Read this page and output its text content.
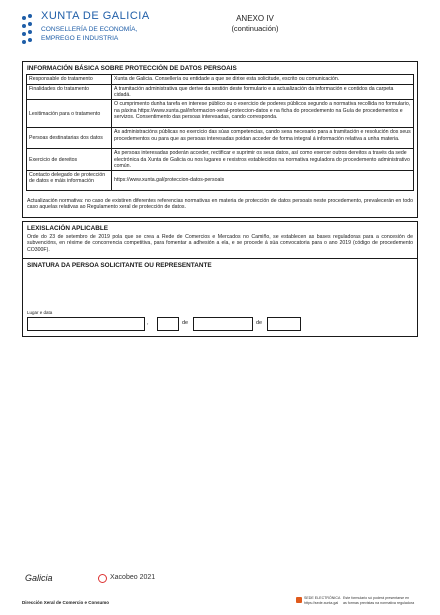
XUNTA DE GALICIA
CONSELLERÍA DE ECONOMÍA,
EMPREGO E INDUSTRIA
ANEXO IV
(continuación)
INFORMACIÓN BÁSICA SOBRE PROTECCIÓN DE DATOS PERSOAIS
Responsable do tratamento	Xunta de Galicia. Consellería ou entidade a que se dirixe esta solicitude, escrito ou comunicación.
Finalidades do tratamento	A tramitación administrativa que derive da xestión deste formulario e a actualización da información e contidos da carpeta cidadá.
Lexitimación para o tratamento	O cumprimento dunha tarefa en interese público ou o exercicio de poderes públicos segundo a normativa recollida no formulario, na páxina https://www.xunta.gal/informacion-xeral-proteccion-datos e na ficha do procedemento na Guía de procedementos e servizos. Consentimento das persoas interesadas, cando corresponda.
Persoas destinatarias dos datos	As administracións públicas no exercicio das súas competencias, cando sexa necesario para a tramitación e resolución dos seus procedementos ou para que as persoas interesadas poidan acceder de forma integral á información relativa a unha materia.
Exercicio de dereitos	As persoas interesadas poderán acceder, rectificar e suprimir os seus datos, así como exercer outros dereitos a través da sede electrónica da Xunta de Galicia ou nos lugares e rexistros establecidos na normativa reguladora do procedemento administrativo común.
Contacto delegado de protección de datos e máis información	https://www.xunta.gal/proteccion-datos-persoais
Actualización normativa: no caso de existiren diferentes referencias normativas en materia de protección de datos persoais neste procedemento, prevalecerán en todo caso aquelas relativas ao Regulamento xeral de protección de datos.
LEXISLACIÓN APLICABLE
Orde do 23 de setembro de 2019 pola que se crea a Rede de Comercios e Mercados no Camiño, se establecen as bases reguladoras para a concesión de subvencións, en réxime de concorrencia competitiva, para fomentar a adhesión a ela, e se procede á súa convocatoria para o ano 2019 (código de procedemento CO300F).
SINATURA DA PERSOA SOLICITANTE OU REPRESENTANTE
Lugar e data
,	de	de
Galicia	Xacobeo 2021
Dirección Xeral de Comercio e Consumo
SEDE ELECTRÓNICA
https://sede.xunta.gal
Este formulario só poderá presentarse en
as formas previstas na normativa reguladora
